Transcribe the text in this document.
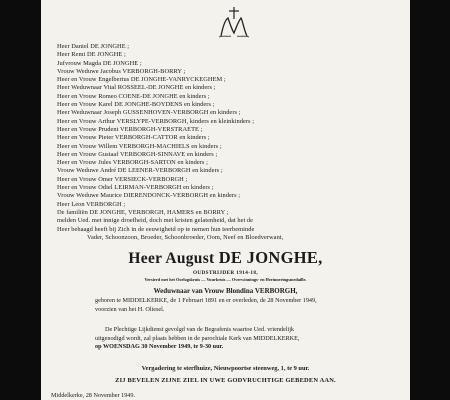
Heer Daniel DE JONGHE ;
Heer Remi DE JONGHE ;
Jufvrouw Magda DE JONGHE ;
Vrouw Weduwe Jacobus VERBORGH-BORRY ;
Heer en Vrouw Engelbertus DE JONGHE-VANRYCKEGHEM ;
Heer Weduwnaar Vital ROSSEEL-DE JONGHE en kinders ;
Heer en Vrouw Romeo COENE-DE JONGHE en kinders ;
Heer en Vrouw Karel DE JONGHE-BOYDENS en kinders ;
Heer Weduwnaar Joseph GUSSENHOVEN-VERBORGH en kinders ;
Heer en Vrouw Arthur VERSLYPE-VERBORGH, kinders en kleinkinders ;
Heer en Vrouw Prudent VERBORGH-VERSTRAETE ;
Heer en Vrouw Pieter VERBORGH-CATTOR en kinders ;
Heer en Vrouw Willem VERBORGH-MACHIELS en kinders ;
Heer en Vrouw Gustaaf VERBORGH-SINNAVE en kinders ;
Heer en Vrouw Jules VERBORGH-SARTON en kinders ;
Vrouw Weduwe André DE LEENER-VERBORGH en kinders ;
Heer en Vrouw Omer VERSIECK-VERBORGH ;
Heer en Vrouw Odiel LEIRMAN-VERBORGH en kinders ;
Vrouw Weduwe Maurice DIERENDONCK-VERBORGH en kinders ;
Heer Leon VERBORGH ;
De familiën DE JONGHE, VERBORGH, HAMERS en BORRY ;
melden Ued. met innige droefheid, doch met kristen gelatenheid, dat het de
Heer behaagd heeft bij Zich in de eeuwigheid op te nemen hun teerbeminde
Vader, Schoonzoon, Broeder, Schoonbroeder, Oom, Neef en Bloedverwant,
Heer August DE JONGHE,
OUDSTRIJDER 1914-18,
Versierd met het Oorlogskruis — Vuurkruis — Overwinnings- en Herinneringsmedaille.
Weduwnaar van Vrouw Blondina VERBORGH,
geboren te MIDDELKERKE, de 1 Februari 1891 en er overleden, de 28 November 1949,
voorzien van het H. Oliesel.
De Plechtige Lijkdienst gevolgd van de Begrafenis waartoe Ued. vriendelijk
uitgenodigd wordt, zal plaats hebben in de parochiale Kerk van MIDDELKERKE,
op WOENSDAG 30 November 1949, te 9-30 uur.
Vergadering te sterfhuize, Nieuwpoortse steenweg, 1, te 9 uur.
ZIJ BEVELEN ZIJNE ZIEL IN UWE GODVRUCHTIGE GEBEDEN AAN.
Middelkerke, 28 November 1949.
